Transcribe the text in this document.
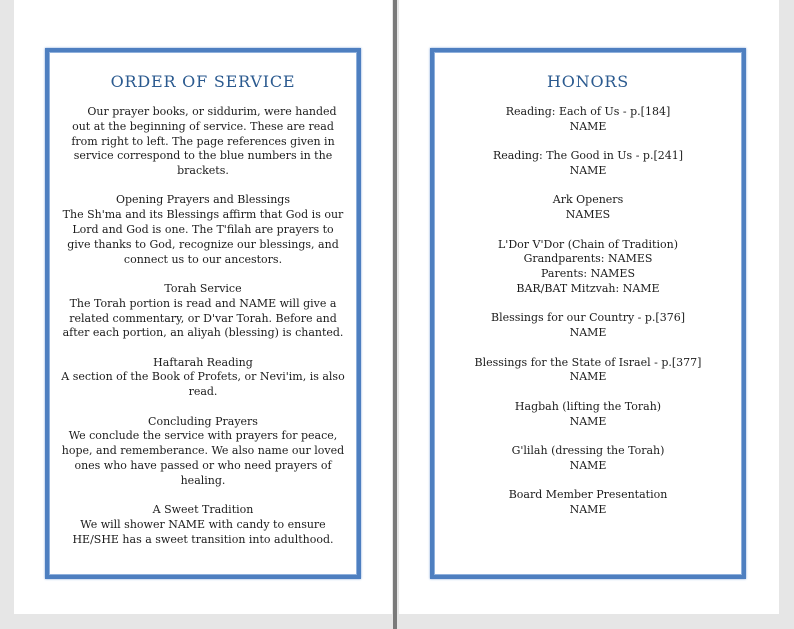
ORDER OF SERVICE

Our prayer books, or siddurim, were handed out at the beginning of service. These are read from right to left. The page references given in service correspond to the blue numbers in the brackets.

Opening Prayers and Blessings
The Sh'ma and its Blessings affirm that God is our Lord and God is one. The T'filah are prayers to give thanks to God, recognize our blessings, and connect us to our ancestors.
Torah Service
The Torah portion is read and NAME will give a related commentary, or D'var Torah. Before and after each portion, an aliyah (blessing) is chanted.
Haftarah Reading
A section of the Book of Profets, or Nevi'im, is also read.
Concluding Prayers
We conclude the service with prayers for peace, hope, and rememberance. We also name our loved ones who have passed or who need prayers of healing.
A Sweet Tradition
We will shower NAME with candy to ensure HE/SHE has a sweet transition into adulthood.
HONORS
Reading: Each of Us - p.[184]
NAME
Reading: The Good in Us - p.[241]
NAME
Ark Openers
NAMES
L'Dor V'Dor (Chain of Tradition)
Grandparents: NAMES
Parents: NAMES
BAR/BAT Mitzvah: NAME
Blessings for our Country - p.[376]
NAME
Blessings for the State of Israel - p.[377]
NAME
Hagbah (lifting the Torah)
NAME
G'lilah (dressing the Torah)
NAME
Board Member Presentation
NAME
